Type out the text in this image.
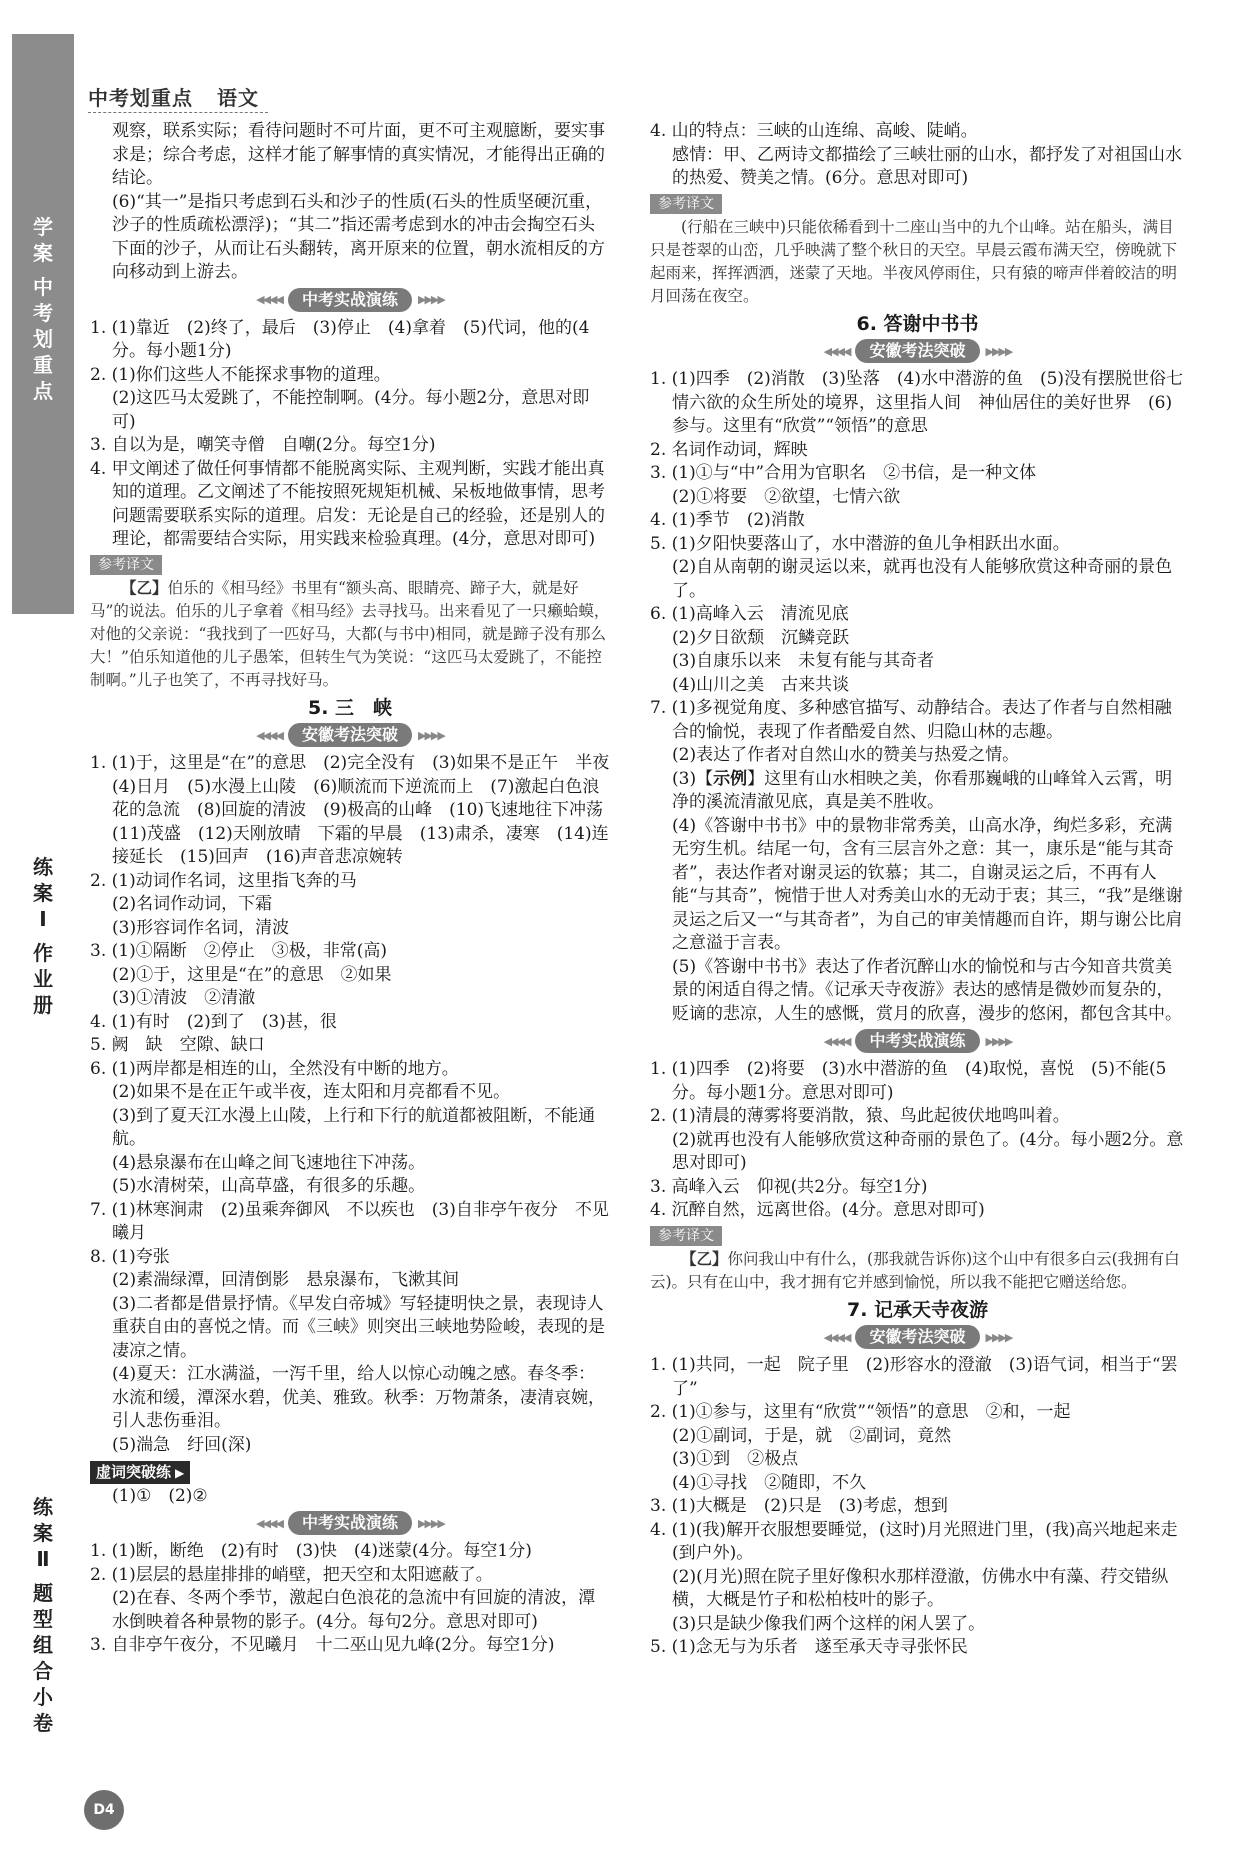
学
案
中
考
划
重
点
练
案
Ⅰ
作
业
册
练
案
Ⅱ
题
型
组
合
小
卷
中考划重点 语文

观察，联系实际；看待问题时不可片面，更不可主观臆断，要实事求是；综合考虑，这样才能了解事情的真实情况，才能得出正确的结论。

(6)“其一”是指只考虑到石头和沙子的性质(石头的性质坚硬沉重，沙子的性质疏松漂浮)；“其二”指还需考虑到水的冲击会掏空石头下面的沙子，从而让石头翻转，离开原来的位置，朝水流相反的方向移动到上游去。

◀◀◀◀ 中考实战演练 ▶▶▶▶

1. (1)靠近　(2)终了，最后　(3)停止　(4)拿着　(5)代词，他的(4分。每小题1分)

2. (1)你们这些人不能探求事物的道理。

(2)这匹马太爱跳了，不能控制啊。(4分。每小题2分，意思对即可)

3. 自以为是，嘲笑寺僧　自嘲(2分。每空1分)

4. 甲文阐述了做任何事情都不能脱离实际、主观判断，实践才能出真知的道理。乙文阐述了不能按照死规矩机械、呆板地做事情，思考问题需要联系实际的道理。启发：无论是自己的经验，还是别人的理论，都需要结合实际，用实践来检验真理。(4分，意思对即可)

参考译文

【乙】伯乐的《相马经》书里有“额头高、眼睛亮、蹄子大，就是好马”的说法。伯乐的儿子拿着《相马经》去寻找马。出来看见了一只癞蛤蟆，对他的父亲说：“我找到了一匹好马，大都(与书中)相同，就是蹄子没有那么大！”伯乐知道他的儿子愚笨，但转生气为笑说：“这匹马太爱跳了，不能控制啊。”儿子也笑了，不再寻找好马。

5. 三　峡
◀◀◀◀ 安徽考法突破 ▶▶▶▶

1. (1)于，这里是“在”的意思　(2)完全没有　(3)如果不是正午　半夜　(4)日月　(5)水漫上山陵　(6)顺流而下逆流而上　(7)激起白色浪花的急流　(8)回旋的清波　(9)极高的山峰　(10)飞速地往下冲荡　(11)茂盛　(12)天刚放晴　下霜的早晨　(13)肃杀，凄寒　(14)连接延长　(15)回声　(16)声音悲凉婉转

2. (1)动词作名词，这里指飞奔的马

(2)名词作动词，下霜

(3)形容词作名词，清波

3. (1)①隔断　②停止　③极，非常(高)

(2)①于，这里是“在”的意思　②如果

(3)①清波　②清澈

4. (1)有时　(2)到了　(3)甚，很

5. 阙　缺　空隙、缺口

6. (1)两岸都是相连的山，全然没有中断的地方。

(2)如果不是在正午或半夜，连太阳和月亮都看不见。

(3)到了夏天江水漫上山陵，上行和下行的航道都被阻断，不能通航。

(4)悬泉瀑布在山峰之间飞速地往下冲荡。

(5)水清树荣，山高草盛，有很多的乐趣。

7. (1)林寒涧肃　(2)虽乘奔御风　不以疾也　(3)自非亭午夜分　不见曦月

8. (1)夸张

(2)素湍绿潭，回清倒影　悬泉瀑布，飞漱其间

(3)二者都是借景抒情。《早发白帝城》写轻捷明快之景，表现诗人重获自由的喜悦之情。而《三峡》则突出三峡地势险峻，表现的是凄凉之情。

(4)夏天：江水满溢，一泻千里，给人以惊心动魄之感。春冬季：水流和缓，潭深水碧，优美、雅致。秋季：万物萧条，凄清哀婉，引人悲伤垂泪。

(5)湍急　纡回(深)

虚词突破练 ▶

(1)①　(2)②

◀◀◀◀ 中考实战演练 ▶▶▶▶

1. (1)断，断绝　(2)有时　(3)快　(4)迷蒙(4分。每空1分)

2. (1)层层的悬崖排排的峭壁，把天空和太阳遮蔽了。

(2)在春、冬两个季节，激起白色浪花的急流中有回旋的清波，潭水倒映着各种景物的影子。(4分。每句2分。意思对即可)

3. 自非亭午夜分，不见曦月　十二巫山见九峰(2分。每空1分)

4. 山的特点：三峡的山连绵、高峻、陡峭。

感情：甲、乙两诗文都描绘了三峡壮丽的山水，都抒发了对祖国山水的热爱、赞美之情。(6分。意思对即可)

参考译文

(行船在三峡中)只能依稀看到十二座山当中的九个山峰。站在船头，满目只是苍翠的山峦，几乎映满了整个秋日的天空。早晨云霞布满天空，傍晚就下起雨来，挥挥洒洒，迷蒙了天地。半夜风停雨住，只有猿的啼声伴着皎洁的明月回荡在夜空。

6. 答谢中书书
◀◀◀◀ 安徽考法突破 ▶▶▶▶

1. (1)四季　(2)消散　(3)坠落　(4)水中潜游的鱼　(5)没有摆脱世俗七情六欲的众生所处的境界，这里指人间　神仙居住的美好世界　(6)参与。这里有“欣赏”“领悟”的意思

2. 名词作动词，辉映

3. (1)①与“中”合用为官职名　②书信，是一种文体

(2)①将要　②欲望，七情六欲

4. (1)季节　(2)消散

5. (1)夕阳快要落山了，水中潜游的鱼儿争相跃出水面。

(2)自从南朝的谢灵运以来，就再也没有人能够欣赏这种奇丽的景色了。

6. (1)高峰入云　清流见底

(2)夕日欲颓　沉鳞竞跃

(3)自康乐以来　未复有能与其奇者

(4)山川之美　古来共谈

7. (1)多视觉角度、多种感官描写、动静结合。表达了作者与自然相融合的愉悦，表现了作者酷爱自然、归隐山林的志趣。

(2)表达了作者对自然山水的赞美与热爱之情。

(3)【示例】这里有山水相映之美，你看那巍峨的山峰耸入云霄，明净的溪流清澈见底，真是美不胜收。

(4)《答谢中书书》中的景物非常秀美，山高水净，绚烂多彩，充满无穷生机。结尾一句，含有三层言外之意：其一，康乐是“能与其奇者”，表达作者对谢灵运的钦慕；其二，自谢灵运之后，不再有人能“与其奇”，惋惜于世人对秀美山水的无动于衷；其三，“我”是继谢灵运之后又一“与其奇者”，为自己的审美情趣而自许，期与谢公比肩之意溢于言表。

(5)《答谢中书书》表达了作者沉醉山水的愉悦和与古今知音共赏美景的闲适自得之情。《记承天寺夜游》表达的感情是微妙而复杂的，贬谪的悲凉，人生的感慨，赏月的欣喜，漫步的悠闲，都包含其中。

◀◀◀◀ 中考实战演练 ▶▶▶▶

1. (1)四季　(2)将要　(3)水中潜游的鱼　(4)取悦，喜悦　(5)不能(5分。每小题1分。意思对即可)

2. (1)清晨的薄雾将要消散，猿、鸟此起彼伏地鸣叫着。

(2)就再也没有人能够欣赏这种奇丽的景色了。(4分。每小题2分。意思对即可)

3. 高峰入云　仰视(共2分。每空1分)

4. 沉醉自然，远离世俗。(4分。意思对即可)

参考译文

【乙】你问我山中有什么，(那我就告诉你)这个山中有很多白云(我拥有白云)。只有在山中，我才拥有它并感到愉悦，所以我不能把它赠送给您。

7. 记承天寺夜游
◀◀◀◀ 安徽考法突破 ▶▶▶▶

1. (1)共同，一起　院子里　(2)形容水的澄澈　(3)语气词，相当于“罢了”

2. (1)①参与，这里有“欣赏”“领悟”的意思　②和，一起

(2)①副词，于是，就　②副词，竟然

(3)①到　②极点

(4)①寻找　②随即，不久

3. (1)大概是　(2)只是　(3)考虑，想到

4. (1)(我)解开衣服想要睡觉，(这时)月光照进门里，(我)高兴地起来走(到户外)。

(2)(月光)照在院子里好像积水那样澄澈，仿佛水中有藻、荇交错纵横，大概是竹子和松柏枝叶的影子。

(3)只是缺少像我们两个这样的闲人罢了。

5. (1)念无与为乐者　遂至承天寺寻张怀民

D4
